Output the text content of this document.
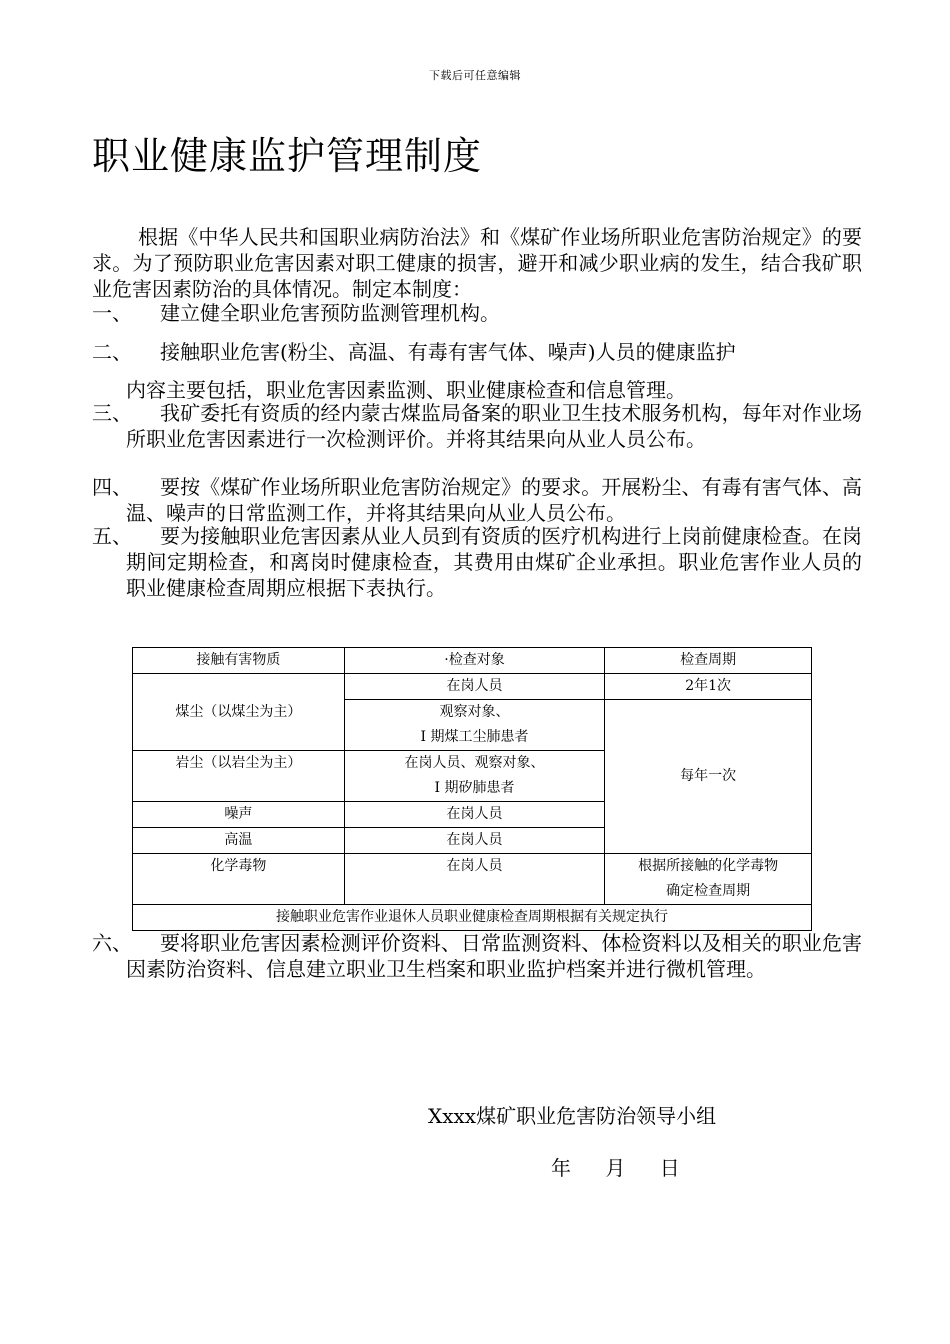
下载后可任意编辑
职业健康监护管理制度
根据《中华人民共和国职业病防治法》和《煤矿作业场所职业危害防治规定》的要求。为了预防职业危害因素对职工健康的损害，避开和减少职业病的发生，结合我矿职业危害因素防治的具体情况。制定本制度：
一、	建立健全职业危害预防监测管理机构。
二、	接触职业危害(粉尘、高温、有毒有害气体、噪声)人员的健康监护
内容主要包括，职业危害因素监测、职业健康检查和信息管理。
三、	我矿委托有资质的经内蒙古煤监局备案的职业卫生技术服务机构，每年对作业场所职业危害因素进行一次检测评价。并将其结果向从业人员公布。
四、	要按《煤矿作业场所职业危害防治规定》的要求。开展粉尘、有毒有害气体、高温、噪声的日常监测工作，并将其结果向从业人员公布。
五、	要为接触职业危害因素从业人员到有资质的医疗机构进行上岗前健康检查。在岗期间定期检查，和离岗时健康检查，其费用由煤矿企业承担。职业危害作业人员的职业健康检查周期应根据下表执行。
接触有害物质	·检查对象	检查周期
煤尘（以煤尘为主）	在岗人员	2年1次
	观察对象、
Ⅰ 期煤工尘肺患者	每年一次
岩尘（以岩尘为主）	在岗人员、观察对象、
Ⅰ 期矽肺患者	
噪声	在岗人员	
高温	在岗人员	
化学毒物	在岗人员	根据所接触的化学毒物
确定检查周期
接触职业危害作业退休人员职业健康检查周期根据有关规定执行		
六、	要将职业危害因素检测评价资料、日常监测资料、体检资料以及相关的职业危害因素防治资料、信息建立职业卫生档案和职业监护档案并进行微机管理。
Xxxx煤矿职业危害防治领导小组
年 月 日
